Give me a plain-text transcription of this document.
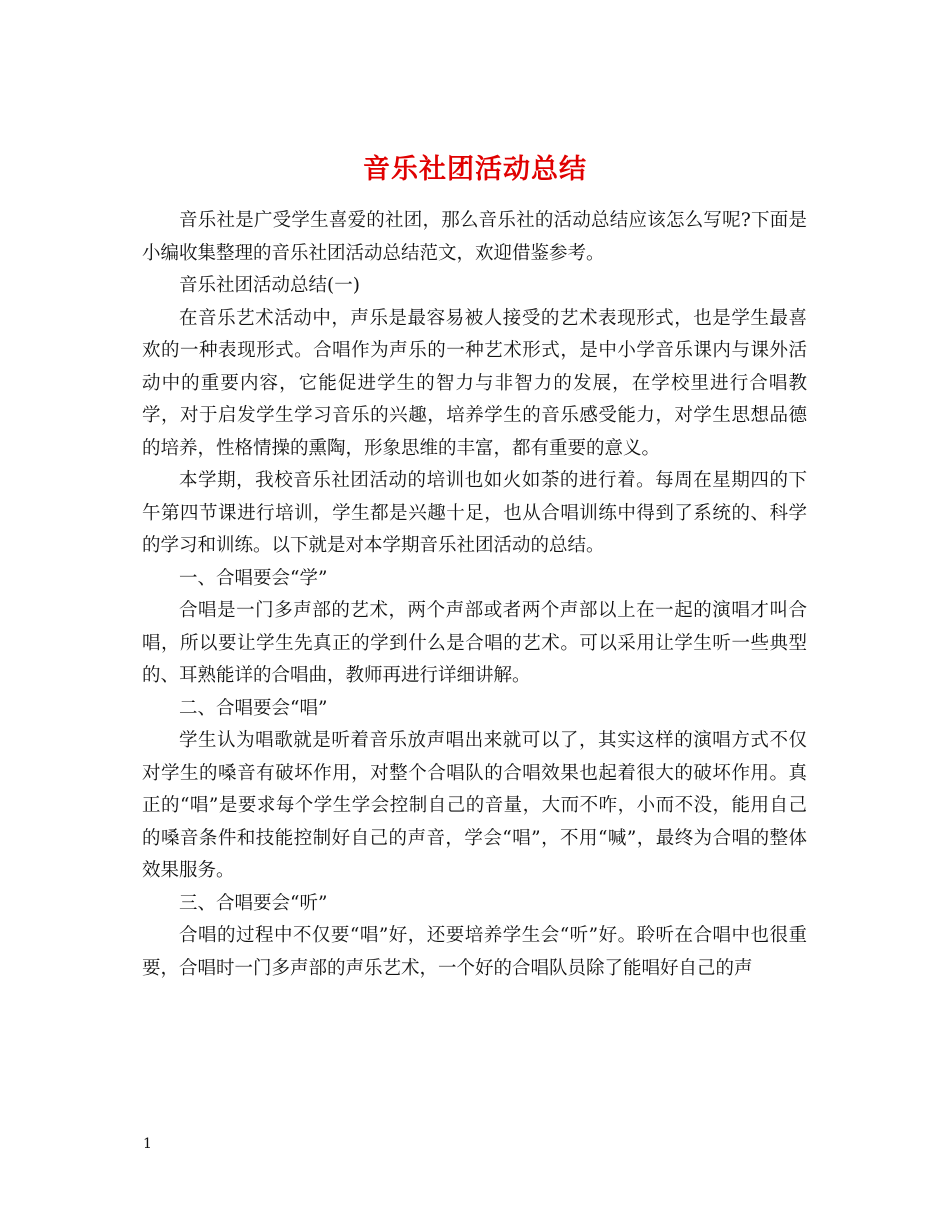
音乐社团活动总结

音乐社是广受学生喜爱的社团，那么音乐社的活动总结应该怎么写呢?下面是小编收集整理的音乐社团活动总结范文，欢迎借鉴参考。

音乐社团活动总结(一)

在音乐艺术活动中，声乐是最容易被人接受的艺术表现形式，也是学生最喜欢的一种表现形式。合唱作为声乐的一种艺术形式，是中小学音乐课内与课外活动中的重要内容，它能促进学生的智力与非智力的发展，在学校里进行合唱教学，对于启发学生学习音乐的兴趣，培养学生的音乐感受能力，对学生思想品德的培养，性格情操的熏陶，形象思维的丰富，都有重要的意义。

本学期，我校音乐社团活动的培训也如火如荼的进行着。每周在星期四的下午第四节课进行培训，学生都是兴趣十足，也从合唱训练中得到了系统的、科学的学习和训练。以下就是对本学期音乐社团活动的总结。

一、合唱要会“学”

合唱是一门多声部的艺术，两个声部或者两个声部以上在一起的演唱才叫合唱，所以要让学生先真正的学到什么是合唱的艺术。可以采用让学生听一些典型的、耳熟能详的合唱曲，教师再进行详细讲解。

二、合唱要会“唱”

学生认为唱歌就是听着音乐放声唱出来就可以了，其实这样的演唱方式不仅对学生的嗓音有破坏作用，对整个合唱队的合唱效果也起着很大的破坏作用。真正的“唱”是要求每个学生学会控制自己的音量，大而不咋，小而不没，能用自己的嗓音条件和技能控制好自己的声音，学会“唱”，不用“喊”，最终为合唱的整体效果服务。

三、合唱要会“听”

合唱的过程中不仅要“唱”好，还要培养学生会“听”好。聆听在合唱中也很重要，合唱时一门多声部的声乐艺术，一个好的合唱队员除了能唱好自己的声

1
